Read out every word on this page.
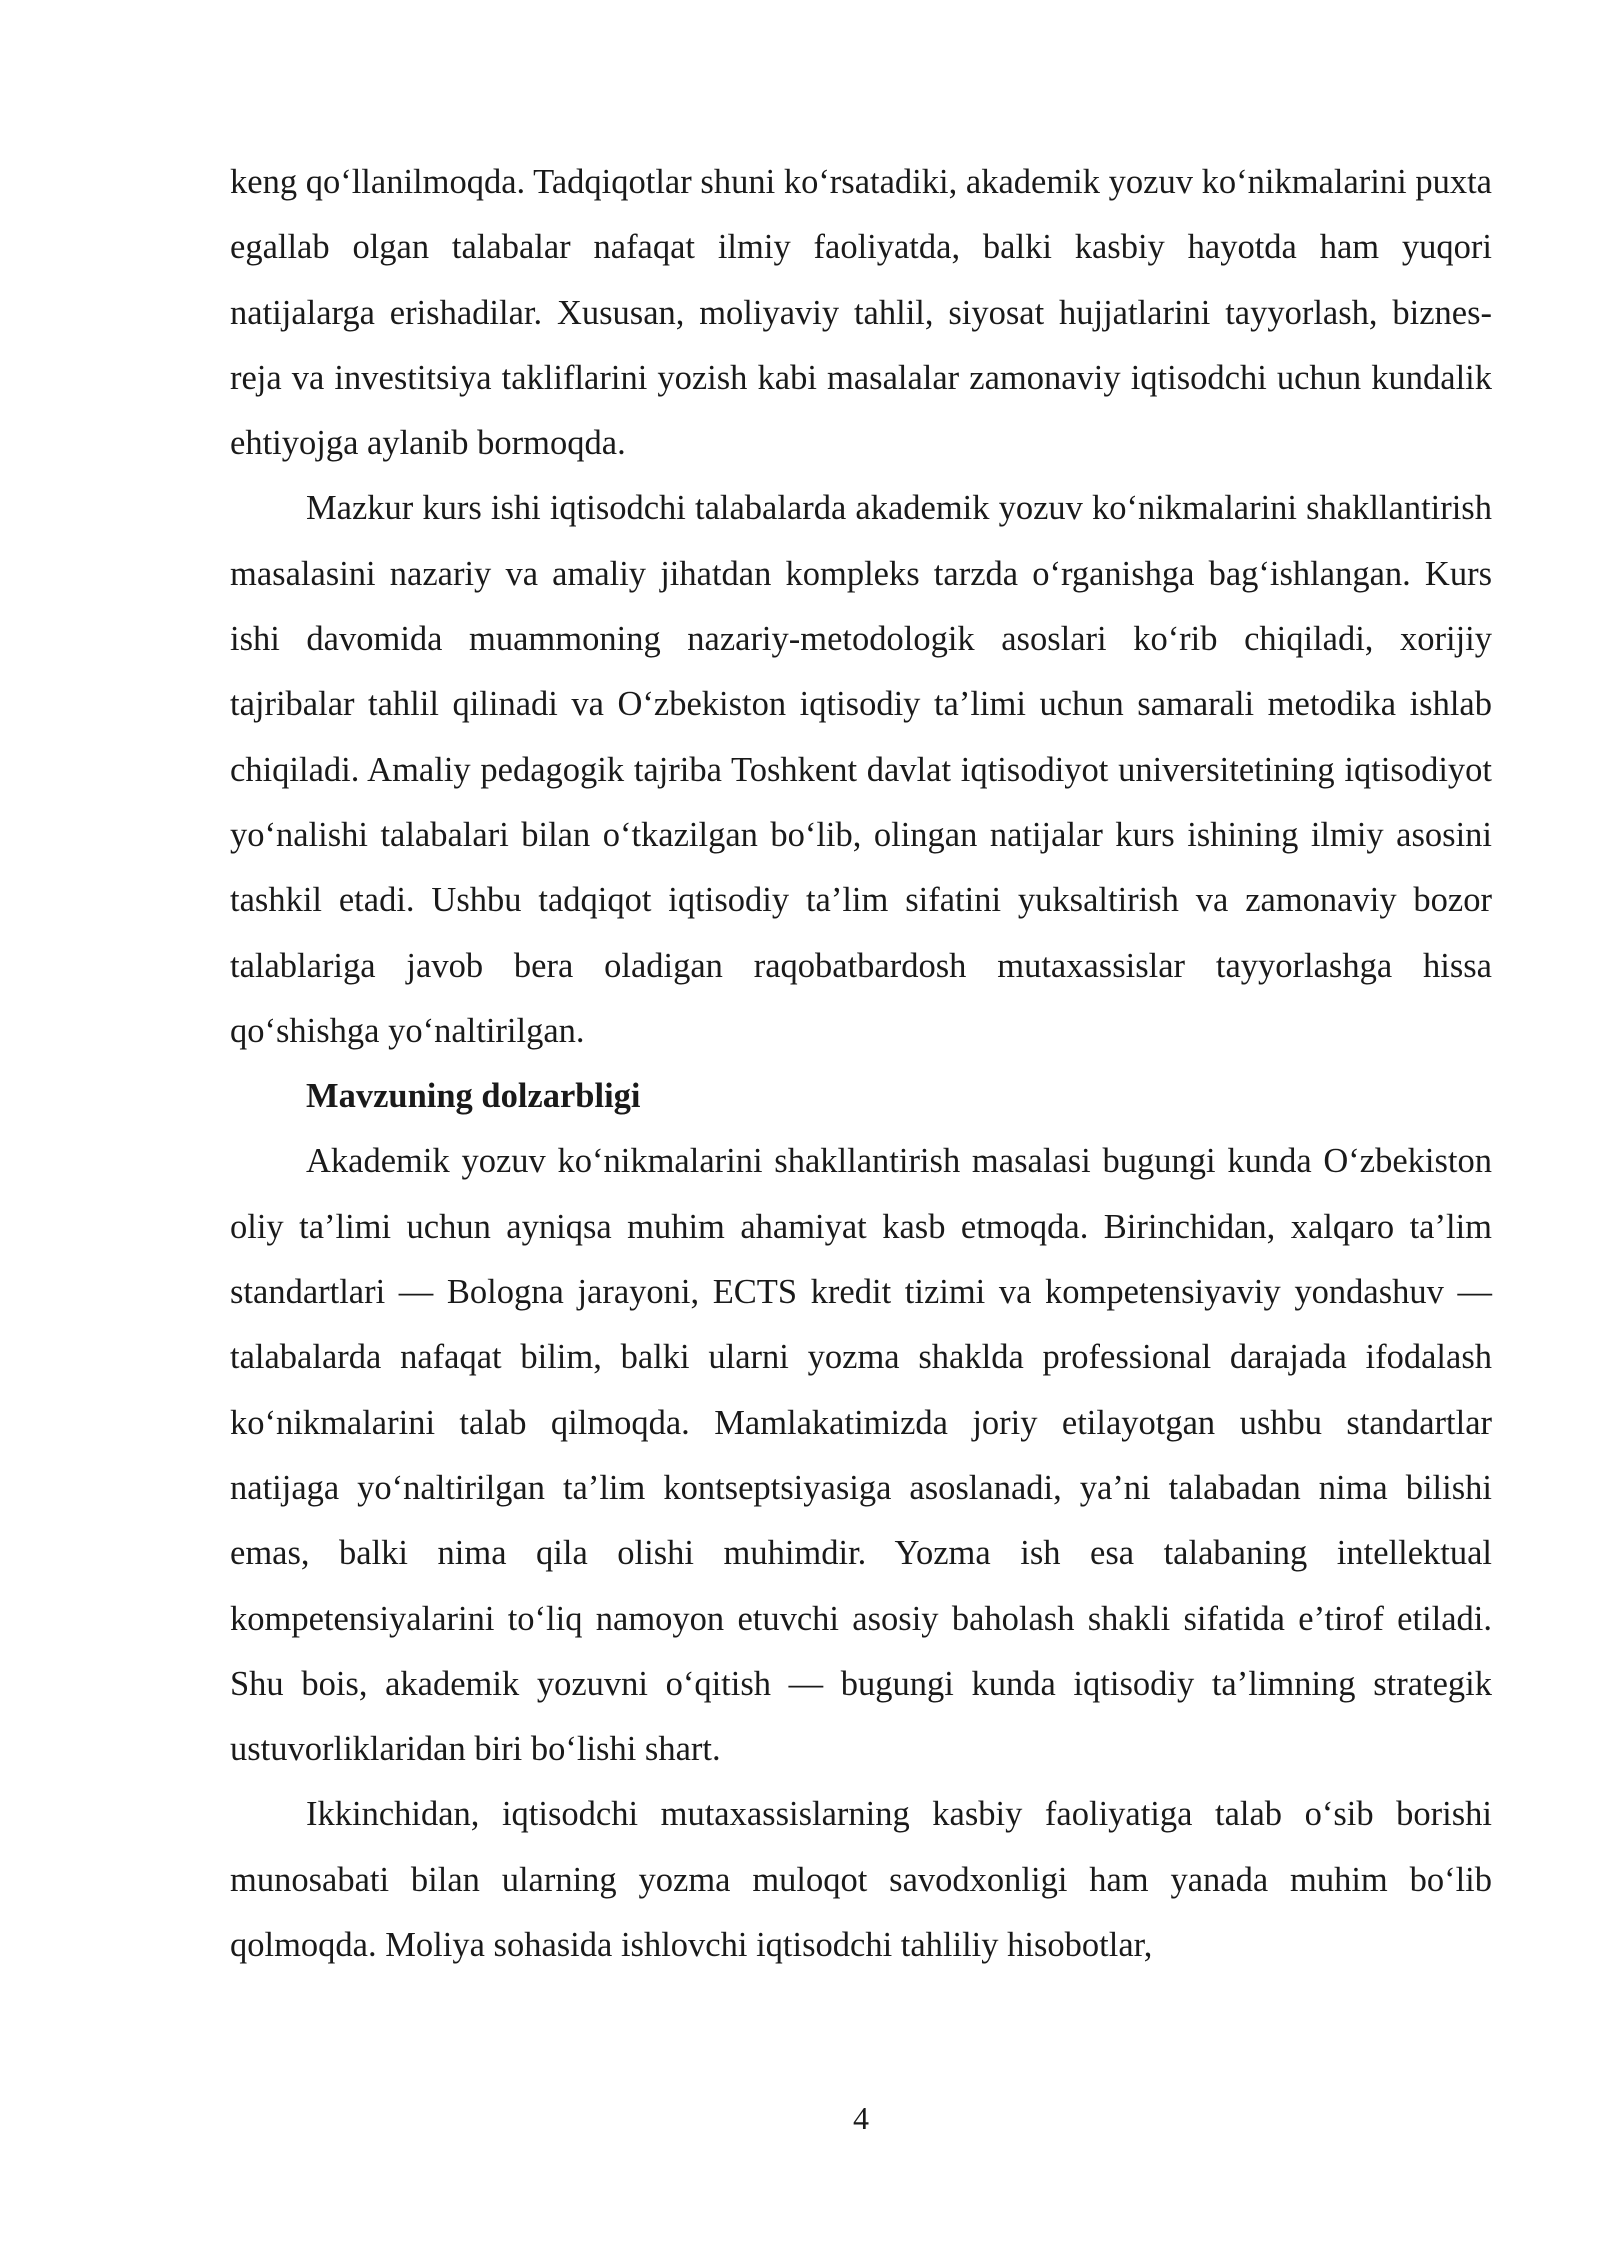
keng qo‘llanilmoqda. Tadqiqotlar shuni ko‘rsatadiki, akademik yozuv ko‘nikmalarini puxta egallab olgan talabalar nafaqat ilmiy faoliyatda, balki kasbiy hayotda ham yuqori natijalarga erishadilar. Xususan, moliyaviy tahlil, siyosat hujjatlarini tayyorlash, biznes-reja va investitsiya takliflarini yozish kabi masalalar zamonaviy iqtisodchi uchun kundalik ehtiyojga aylanib bormoqda.

Mazkur kurs ishi iqtisodchi talabalarda akademik yozuv ko‘nikmalarini shakllantirish masalasini nazariy va amaliy jihatdan kompleks tarzda o‘rganishga bag‘ishlangan. Kurs ishi davomida muammoning nazariy-metodologik asoslari ko‘rib chiqiladi, xorijiy tajribalar tahlil qilinadi va O‘zbekiston iqtisodiy ta’limi uchun samarali metodika ishlab chiqiladi. Amaliy pedagogik tajriba Toshkent davlat iqtisodiyot universitetining iqtisodiyot yo‘nalishi talabalari bilan o‘tkazilgan bo‘lib, olingan natijalar kurs ishining ilmiy asosini tashkil etadi. Ushbu tadqiqot iqtisodiy ta’lim sifatini yuksaltirish va zamonaviy bozor talablariga javob bera oladigan raqobatbardosh mutaxassislar tayyorlashga hissa qo‘shishga yo‘naltirilgan.

Mavzuning dolzarbligi

Akademik yozuv ko‘nikmalarini shakllantirish masalasi bugungi kunda O‘zbekiston oliy ta’limi uchun ayniqsa muhim ahamiyat kasb etmoqda. Birinchidan, xalqaro ta’lim standartlari — Bologna jarayoni, ECTS kredit tizimi va kompetensiyaviy yondashuv — talabalarda nafaqat bilim, balki ularni yozma shaklda professional darajada ifodalash ko‘nikmalarini talab qilmoqda. Mamlakatimizda joriy etilayotgan ushbu standartlar natijaga yo‘naltirilgan ta’lim kontseptsiyasiga asoslanadi, ya’ni talabadan nima bilishi emas, balki nima qila olishi muhimdir. Yozma ish esa talabaning intellektual kompetensiyalarini to‘liq namoyon etuvchi asosiy baholash shakli sifatida e’tirof etiladi. Shu bois, akademik yozuvni o‘qitish — bugungi kunda iqtisodiy ta’limning strategik ustuvorliklaridan biri bo‘lishi shart.

Ikkinchidan, iqtisodchi mutaxassislarning kasbiy faoliyatiga talab o‘sib borishi munosabati bilan ularning yozma muloqot savodxonligi ham yanada muhim bo‘lib qolmoqda. Moliya sohasida ishlovchi iqtisodchi tahliliy hisobotlar,

4
